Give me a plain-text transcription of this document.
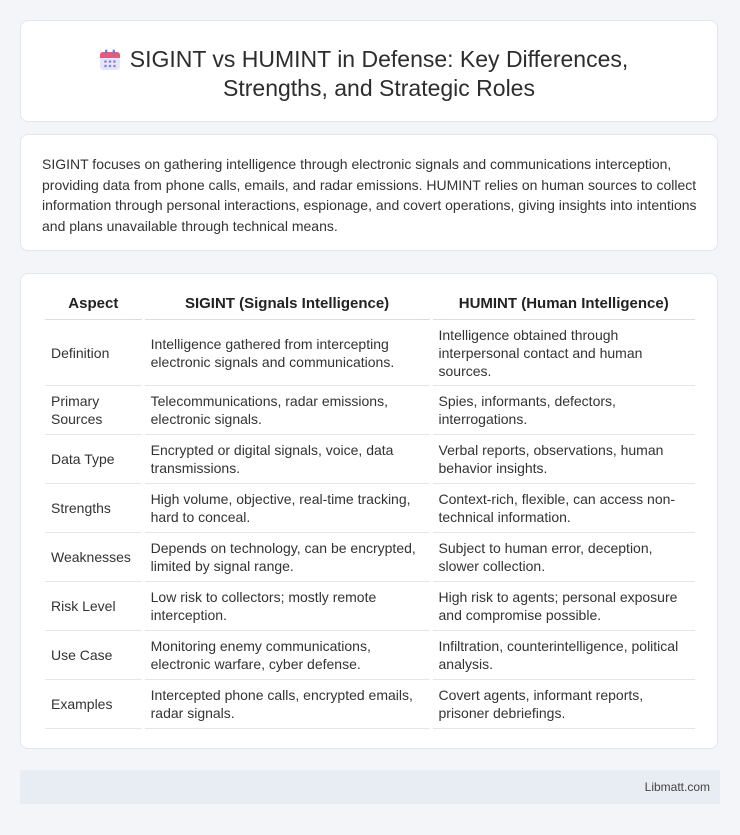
SIGINT vs HUMINT in Defense: Key Differences, Strengths, and Strategic Roles

SIGINT focuses on gathering intelligence through electronic signals and communications interception, providing data from phone calls, emails, and radar emissions. HUMINT relies on human sources to collect information through personal interactions, espionage, and covert operations, giving insights into intentions and plans unavailable through technical means.

Aspect	SIGINT (Signals Intelligence)	HUMINT (Human Intelligence)
Definition	Intelligence gathered from intercepting electronic signals and communications.	Intelligence obtained through interpersonal contact and human sources.
Primary Sources	Telecommunications, radar emissions, electronic signals.	Spies, informants, defectors, interrogations.
Data Type	Encrypted or digital signals, voice, data transmissions.	Verbal reports, observations, human behavior insights.
Strengths	High volume, objective, real-time tracking, hard to conceal.	Context-rich, flexible, can access non-technical information.
Weaknesses	Depends on technology, can be encrypted, limited by signal range.	Subject to human error, deception, slower collection.
Risk Level	Low risk to collectors; mostly remote interception.	High risk to agents; personal exposure and compromise possible.
Use Case	Monitoring enemy communications, electronic warfare, cyber defense.	Infiltration, counterintelligence, political analysis.
Examples	Intercepted phone calls, encrypted emails, radar signals.	Covert agents, informant reports, prisoner debriefings.
Libmatt.com
